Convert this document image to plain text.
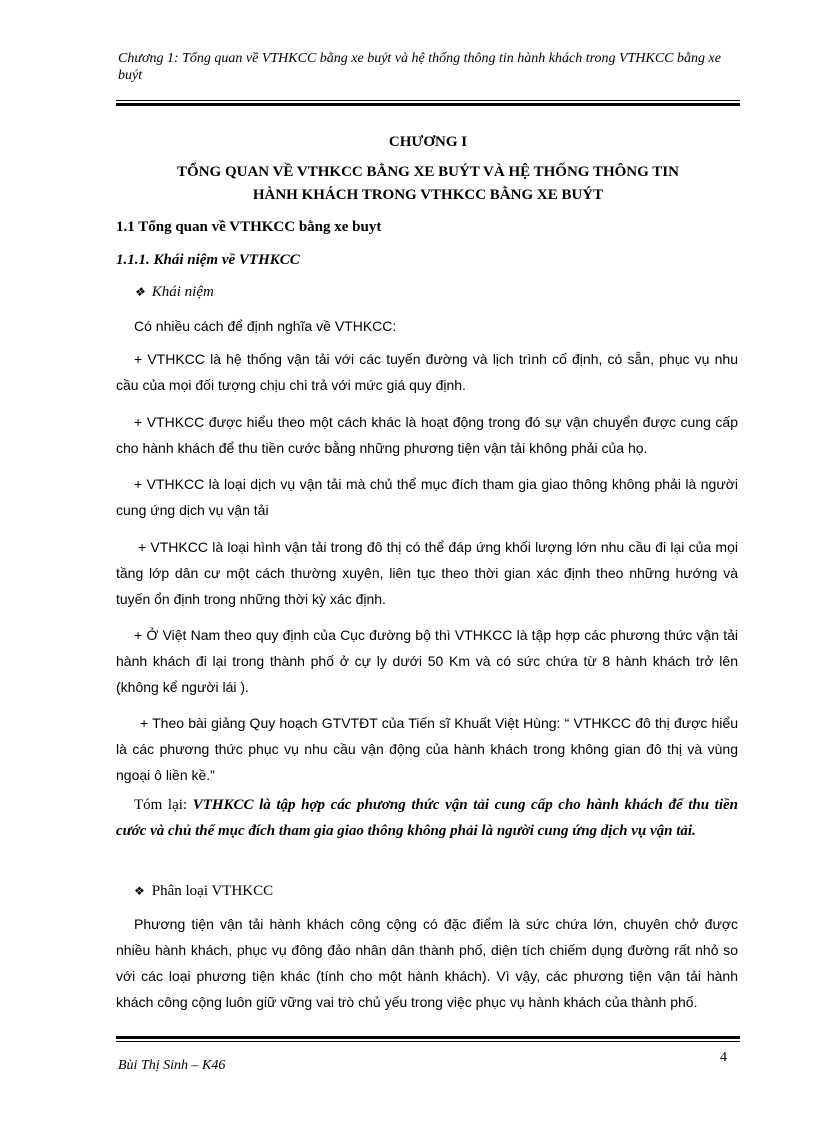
Chương 1: Tổng quan về VTHKCC bằng xe buýt và hệ thống thông tin hành khách trong VTHKCC bằng xe buýt
CHƯƠNG I
TỔNG QUAN VỀ VTHKCC BẰNG XE BUÝT VÀ HỆ THỐNG THÔNG TIN
HÀNH KHÁCH TRONG VTHKCC BẰNG XE BUÝT
1.1 Tổng quan về VTHKCC bằng xe buyt
1.1.1. Khái niệm về VTHKCC
❖ Khái niệm
Có nhiều cách để định nghĩa về VTHKCC:
+ VTHKCC là hệ thống vận tải với các tuyến đường và lịch trình cố định, có sẵn, phục vụ nhu cầu của mọi đối tượng chịu chi trả với mức giá quy định.
+ VTHKCC được hiểu theo một cách khác là hoạt động trong đó sự vận chuyển được cung cấp cho hành khách để thu tiền cước bằng những phương tiện vận tải không phải của họ.
+ VTHKCC là loại dịch vụ vận tải mà chủ thể mục đích tham gia giao thông không phải là người cung ứng dịch vụ vận tải
+ VTHKCC là loại hình vận tải trong đô thị có thể đáp ứng khối lượng lớn nhu cầu đi lại của mọi tầng lớp dân cư một cách thường xuyên, liên tục theo thời gian xác định theo những hướng và tuyến ổn định trong những thời kỳ xác định.
+ Ở Việt Nam theo quy định của Cục đường bộ thì VTHKCC là tập hợp các phương thức vận tải hành khách đi lại trong thành phố ở cự ly dưới 50 Km và có sức chứa từ 8 hành khách trở lên (không kể người lái ).
+ Theo bài giảng Quy hoạch GTVTĐT của Tiến sĩ Khuất Việt Hùng: “ VTHKCC đô thị được hiểu là các phương thức phục vụ nhu cầu vận động của hành khách trong không gian đô thị và vùng ngoại ô liền kề.”
Tóm lại: VTHKCC là tập hợp các phương thức vận tải cung cấp cho hành khách để thu tiền cước và chủ thể mục đích tham gia giao thông không phải là người cung ứng dịch vụ vận tải.
❖ Phân loại VTHKCC
Phương tiện vận tải hành khách công cộng có đặc điểm là sức chứa lớn, chuyên chở được nhiều hành khách, phục vụ đông đảo nhân dân thành phố, diện tích chiếm dụng đường rất nhỏ so với các loại phương tiện khác (tính cho một hành khách). Vì vậy, các phương tiện vận tải hành khách công cộng luôn giữ vững vai trò chủ yếu trong việc phục vụ hành khách của thành phố.
4
Bùi Thị Sinh – K46
